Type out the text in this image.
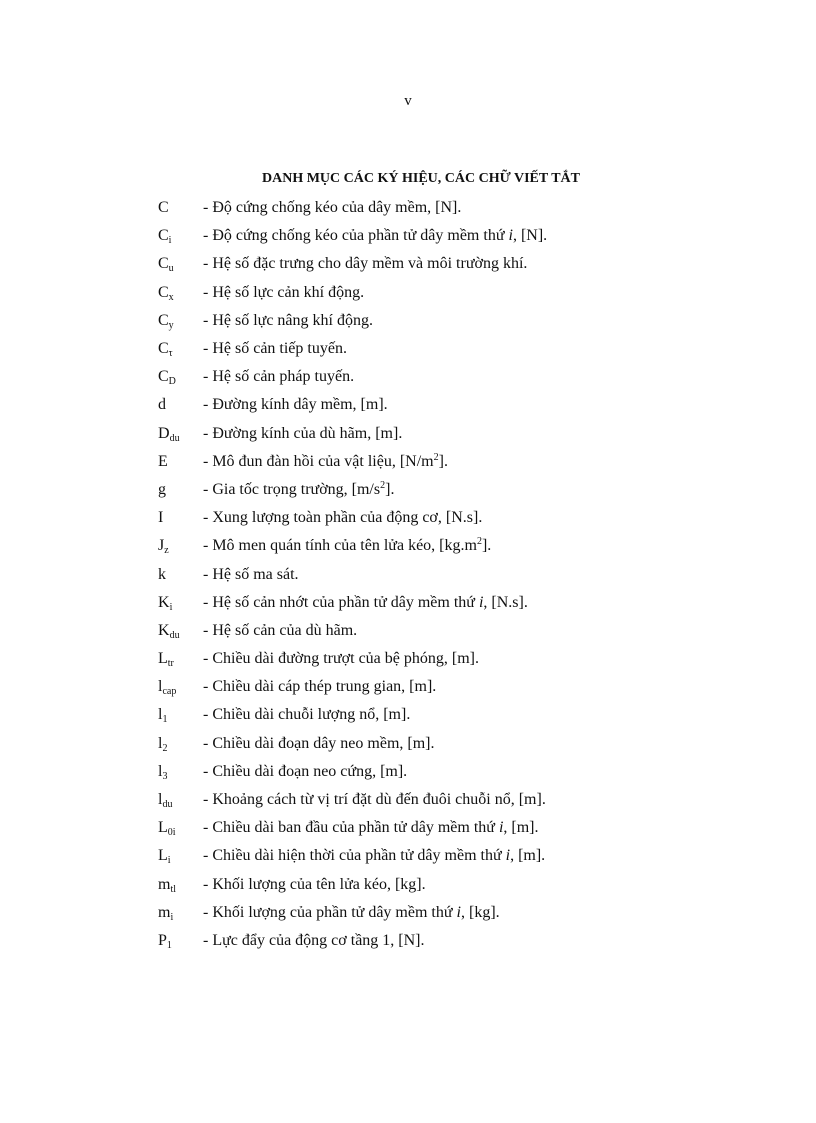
v
DANH MỤC CÁC KÝ HIỆU, CÁC CHỮ VIẾT TẮT
C	- Độ cứng chống kéo của dây mềm, [N].
$C_i$	- Độ cứng chống kéo của phần tử dây mềm thứ i, [N].
$C_u$	- Hệ số đặc trưng cho dây mềm và môi trường khí.
$C_x$	- Hệ số lực cản khí động.
$C_y$	- Hệ số lực nâng khí động.
$C_\tau$	- Hệ số cản tiếp tuyến.
$C_D$	- Hệ số cản pháp tuyến.
d	- Đường kính dây mềm, [m].
$D_{du}$	- Đường kính của dù hãm, [m].
E	- Mô đun đàn hồi của vật liệu, $[N/m^2]$.
g	- Gia tốc trọng trường, $[m/s^2]$.
I	- Xung lượng toàn phần của động cơ, [N.s].
$J_z$	- Mô men quán tính của tên lửa kéo, $[kg.m^2]$.
k	- Hệ số ma sát.
$K_i$	- Hệ số cản nhớt của phần tử dây mềm thứ i, [N.s].
$K_{du}$	- Hệ số cản của dù hãm.
$L_{tr}$	- Chiều dài đường trượt của bệ phóng, [m].
$l_{cap}$	- Chiều dài cáp thép trung gian, [m].
$l_1$	- Chiều dài chuỗi lượng nổ, [m].
$l_2$	- Chiều dài đoạn dây neo mềm, [m].
$l_3$	- Chiều dài đoạn neo cứng, [m].
$l_{du}$	- Khoảng cách từ vị trí đặt dù đến đuôi chuỗi nổ, [m].
$L_{0i}$	- Chiều dài ban đầu của phần tử dây mềm thứ i, [m].
$L_i$	- Chiều dài hiện thời của phần tử dây mềm thứ i, [m].
$m_{tl}$	- Khối lượng của tên lửa kéo, [kg].
$m_i$	- Khối lượng của phần tử dây mềm thứ i, [kg].
$P_1$	- Lực đẩy của động cơ tầng 1, [N].
